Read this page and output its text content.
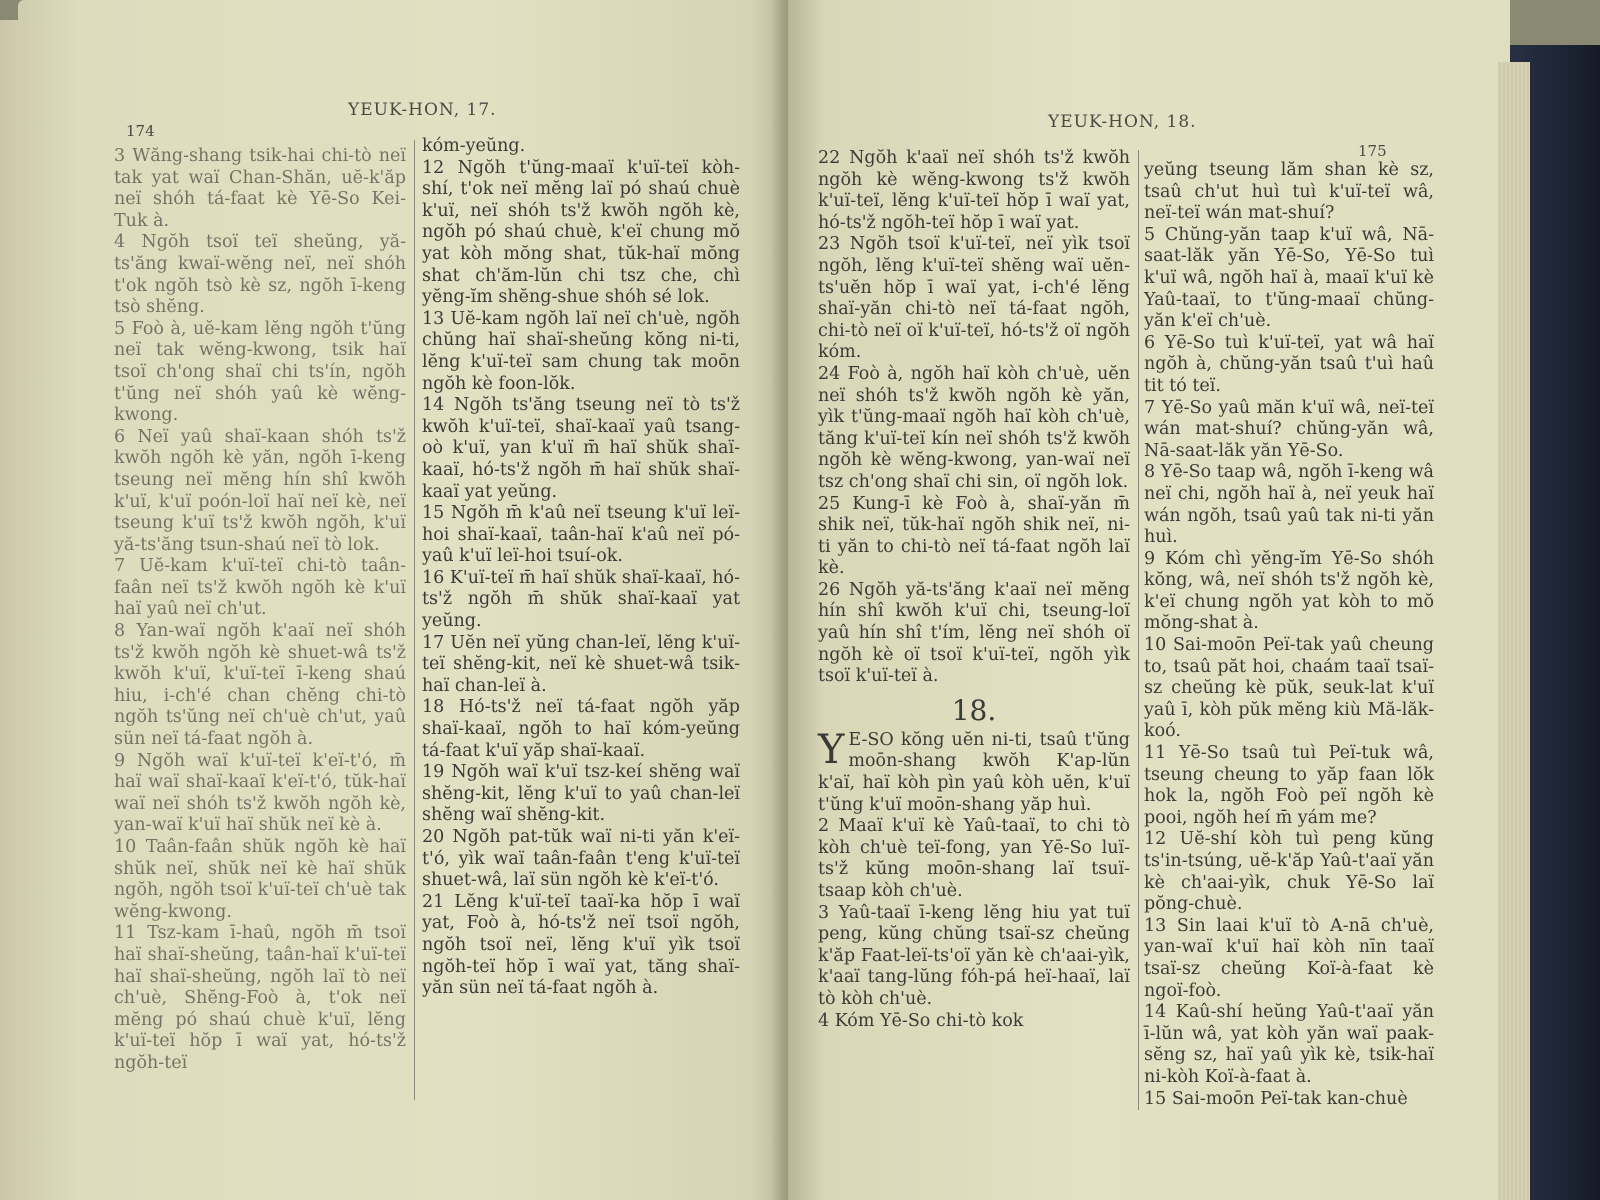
YEUK-HON, 17.
174

3 Wăng-shang tsik-hai chi-tò neï tak yat waï Chan-Shăn, uĕ-k'ăp neï shóh tá-faat kè Yē-So Kei-Tuk à.

4 Ngŏh tsoï teï sheŭng, yă-ts'ăng kwaï-wĕng neï, neï shóh t'ok ngŏh tsò kè sz, ngŏh ī-keng tsò shĕng.

5 Foò à, uĕ-kam lĕng ngŏh t'ŭng neï tak wĕng-kwong, tsik haï tsoï ch'ong shaï chi ts'ín, ngŏh t'ŭng neï shóh yaû kè wĕng-kwong.

6 Neï yaû shaï-kaan shóh ts'ž kwŏh ngŏh kè yăn, ngŏh ī-keng tseung neï mĕng hín shî kwŏh k'uï, k'uï poón-loï haï neï kè, neï tseung k'uï ts'ž kwŏh ngŏh, k'uï yă-ts'ăng tsun-shaú neï tò lok.

7 Uĕ-kam k'uï-teï chi-tò taân-faân neï ts'ž kwŏh ngŏh kè k'uï haï yaû neï ch'ut.

8 Yan-waï ngŏh k'aaï neï shóh ts'ž kwŏh ngŏh kè shuet-wâ ts'ž kwŏh k'uï, k'uï-teï ī-keng shaú hiu, i-ch'é chan chĕng chi-tò ngŏh ts'ŭng neï ch'uè ch'ut, yaû sün neï tá-faat ngŏh à.

9 Ngŏh waï k'uï-teï k'eï-t'ó, m̄ haï waï shaï-kaaï k'eï-t'ó, tŭk-haï waï neï shóh ts'ž kwŏh ngŏh kè, yan-waï k'uï haï shŭk neï kè à.

10 Taân-faân shŭk ngŏh kè haï shŭk neï, shŭk neï kè haï shŭk ngŏh, ngŏh tsoï k'uï-teï ch'uè tak wĕng-kwong.

11 Tsz-kam ī-haû, ngŏh m̄ tsoï haï shaï-sheŭng, taân-haï k'uï-teï haï shaï-sheŭng, ngŏh laï tò neï ch'uè, Shĕng-Foò à, t'ok neï mĕng pó shaú chuè k'uï, lĕng k'uï-teï hŏp ī waï yat, hó-ts'ž ngŏh-teï

kóm-yeŭng.

12 Ngŏh t'ŭng-maaï k'uï-teï kòh-shí, t'ok neï mĕng laï pó shaú chuè k'uï, neï shóh ts'ž kwŏh ngŏh kè, ngŏh pó shaú chuè, k'eï chung mŏ yat kòh mŏng shat, tŭk-haï mŏng shat ch'ăm-lŭn chi tsz che, chì yĕng-ĭm shĕng-shue shóh sé lok.

13 Uĕ-kam ngŏh laï neï ch'uè, ngŏh chŭng haï shaï-sheŭng kŏng ni-ti, lĕng k'uï-teï sam chung tak moōn ngŏh kè foon-lŏk.

14 Ngŏh ts'ăng tseung neï tò ts'ž kwŏh k'uï-teï, shaï-kaaï yaû tsang-oò k'uï, yan k'uï m̄ haï shŭk shaï-kaaï, hó-ts'ž ngŏh m̄ haï shŭk shaï-kaaï yat yeŭng.

15 Ngŏh m̄ k'aû neï tseung k'uï leï-hoi shaï-kaaï, taân-haï k'aû neï pó-yaû k'uï leï-hoi tsuí-ok.

16 K'uï-teï m̄ haï shŭk shaï-kaaï, hó-ts'ž ngŏh m̄ shŭk shaï-kaaï yat yeŭng.

17 Uĕn neï yŭng chan-leï, lĕng k'uï-teï shĕng-kit, neï kè shuet-wâ tsik-haï chan-leï à.

18 Hó-ts'ž neï tá-faat ngŏh yăp shaï-kaaï, ngŏh to haï kóm-yeŭng tá-faat k'uï yăp shaï-kaaï.

19 Ngŏh waï k'uï tsz-keí shĕng waï shĕng-kit, lĕng k'uï to yaû chan-leï shĕng waï shĕng-kit.

20 Ngŏh pat-tŭk waï ni-ti yăn k'eï-t'ó, yìk waï taân-faân t'eng k'uï-teï shuet-wâ, laï sün ngŏh kè k'eï-t'ó.

21 Lĕng k'uï-teï taaï-ka hŏp ī waï yat, Foò à, hó-ts'ž neï tsoï ngŏh, ngŏh tsoï neï, lĕng k'uï yìk tsoï ngŏh-teï hŏp ī waï yat, tăng shaï-yăn sün neï tá-faat ngŏh à.

YEUK-HON, 18.
175

22 Ngŏh k'aaï neï shóh ts'ž kwŏh ngŏh kè wĕng-kwong ts'ž kwŏh k'uï-teï, lĕng k'uï-teï hŏp ī waï yat, hó-ts'ž ngŏh-teï hŏp ī waï yat.

23 Ngŏh tsoï k'uï-teï, neï yìk tsoï ngŏh, lĕng k'uï-teï shĕng waï uĕn-ts'uĕn hŏp ī waï yat, i-ch'é lĕng shaï-yăn chi-tò neï tá-faat ngŏh, chi-tò neï oï k'uï-teï, hó-ts'ž oï ngŏh kóm.

24 Foò à, ngŏh haï kòh ch'uè, uĕn neï shóh ts'ž kwŏh ngŏh kè yăn, yìk t'ŭng-maaï ngŏh haï kòh ch'uè, tăng k'uï-teï kín neï shóh ts'ž kwŏh ngŏh kè wĕng-kwong, yan-waï neï tsz ch'ong shaï chi sin, oï ngŏh lok.

25 Kung-ī kè Foò à, shaï-yăn m̄ shik neï, tŭk-haï ngŏh shik neï, ni-ti yăn to chi-tò neï tá-faat ngŏh laï kè.

26 Ngŏh yă-ts'ăng k'aaï neï mĕng hín shî kwŏh k'uï chi, tseung-loï yaû hín shî t'ím, lĕng neï shóh oï ngŏh kè oï tsoï k'uï-teï, ngŏh yìk tsoï k'uï-teï à.

18.

Y E-SO kŏng uĕn ni-ti, tsaû t'ŭng moōn-shang kwŏh K'ap-lŭn k'aï, haï kòh pìn yaû kòh uĕn, k'uï t'ŭng k'uï moōn-shang yăp huì.

2 Maaï k'uï kè Yaû-taaï, to chi tò kòh ch'uè teï-fong, yan Yē-So luï-ts'ž kŭng moōn-shang laï tsuï-tsaap kòh ch'uè.

3 Yaû-taaï ī-keng lĕng hiu yat tuï peng, kŭng chŭng tsaï-sz cheŭng k'ăp Faat-leï-ts'oï yăn kè ch'aai-yìk, k'aaï tang-lŭng fóh-pá heï-haaï, laï tò kòh ch'uè.

4 Kóm Yē-So chi-tò kok

yeŭng tseung lăm shan kè sz, tsaû ch'ut huì tuì k'uï-teï wâ, neï-teï wán mat-shuí?

5 Chŭng-yăn taap k'uï wâ, Nā-saat-lăk yăn Yē-So, Yē-So tuì k'uï wâ, ngŏh haï à, maaï k'uï kè Yaû-taaï, to t'ŭng-maaï chŭng-yăn k'eï ch'uè.

6 Yē-So tuì k'uï-teï, yat wâ haï ngŏh à, chŭng-yăn tsaû t'uì haû tit tó teï.

7 Yē-So yaû măn k'uï wâ, neï-teï wán mat-shuí? chŭng-yăn wâ, Nā-saat-lăk yăn Yē-So.

8 Yē-So taap wâ, ngŏh ī-keng wâ neï chi, ngŏh haï à, neï yeuk haï wán ngŏh, tsaû yaû tak ni-ti yăn huì.

9 Kóm chì yĕng-ĭm Yē-So shóh kŏng, wâ, neï shóh ts'ž ngŏh kè, k'eï chung ngŏh yat kòh to mŏ mŏng-shat à.

10 Sai-moōn Peï-tak yaû cheung to, tsaû păt hoi, chaám taaï tsaï-sz cheŭng kè pŭk, seuk-lat k'uï yaû ī, kòh pŭk mĕng kiù Mă-lăk-koó.

11 Yē-So tsaû tuì Peï-tuk wâ, tseung cheung to yăp faan lŏk hok la, ngŏh Foò peï ngŏh kè pooi, ngŏh heí m̄ yám me?

12 Uĕ-shí kòh tuì peng kŭng ts'in-tsúng, uĕ-k'ăp Yaû-t'aaï yăn kè ch'aai-yìk, chuk Yē-So laï pŏng-chuè.

13 Sin laai k'uï tò A-nā ch'uè, yan-waï k'uï haï kòh nīn taaï tsaï-sz cheŭng Koï-à-faat kè ngoï-foò.

14 Kaû-shí heŭng Yaû-t'aaï yăn ī-lŭn wâ, yat kòh yăn waï paak-sĕng sz, haï yaû yìk kè, tsik-haï ni-kòh Koï-à-faat à.

15 Sai-moōn Peï-tak kan-chuè
